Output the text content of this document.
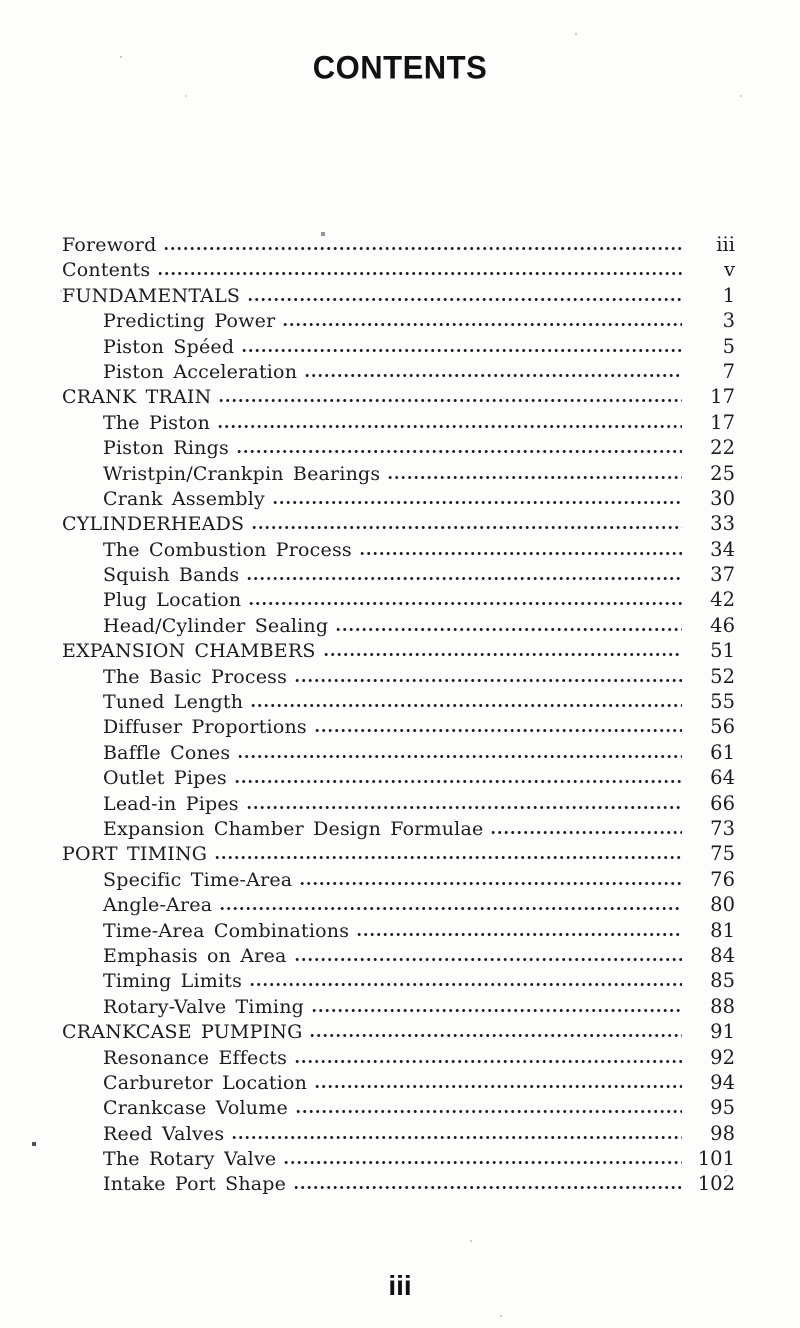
CONTENTS
Foreword	iii
Contents	v
FUNDAMENTALS	1
Predicting Power	3
Piston Spéed	5
Piston Acceleration	7
CRANK TRAIN	17
The Piston	17
Piston Rings	22
Wristpin/Crankpin Bearings	25
Crank Assembly	30
CYLINDERHEADS	33
The Combustion Process	34
Squish Bands	37
Plug Location	42
Head/Cylinder Sealing	46
EXPANSION CHAMBERS	51
The Basic Process	52
Tuned Length	55
Diffuser Proportions	56
Baffle Cones	61
Outlet Pipes	64
Lead-in Pipes	66
Expansion Chamber Design Formulae	73
PORT TIMING	75
Specific Time-Area	76
Angle-Area	80
Time-Area Combinations	81
Emphasis on Area	84
Timing Limits	85
Rotary-Valve Timing	88
CRANKCASE PUMPING	91
Resonance Effects	92
Carburetor Location	94
Crankcase Volume	95
Reed Valves	98
The Rotary Valve	101
Intake Port Shape	102
iii
